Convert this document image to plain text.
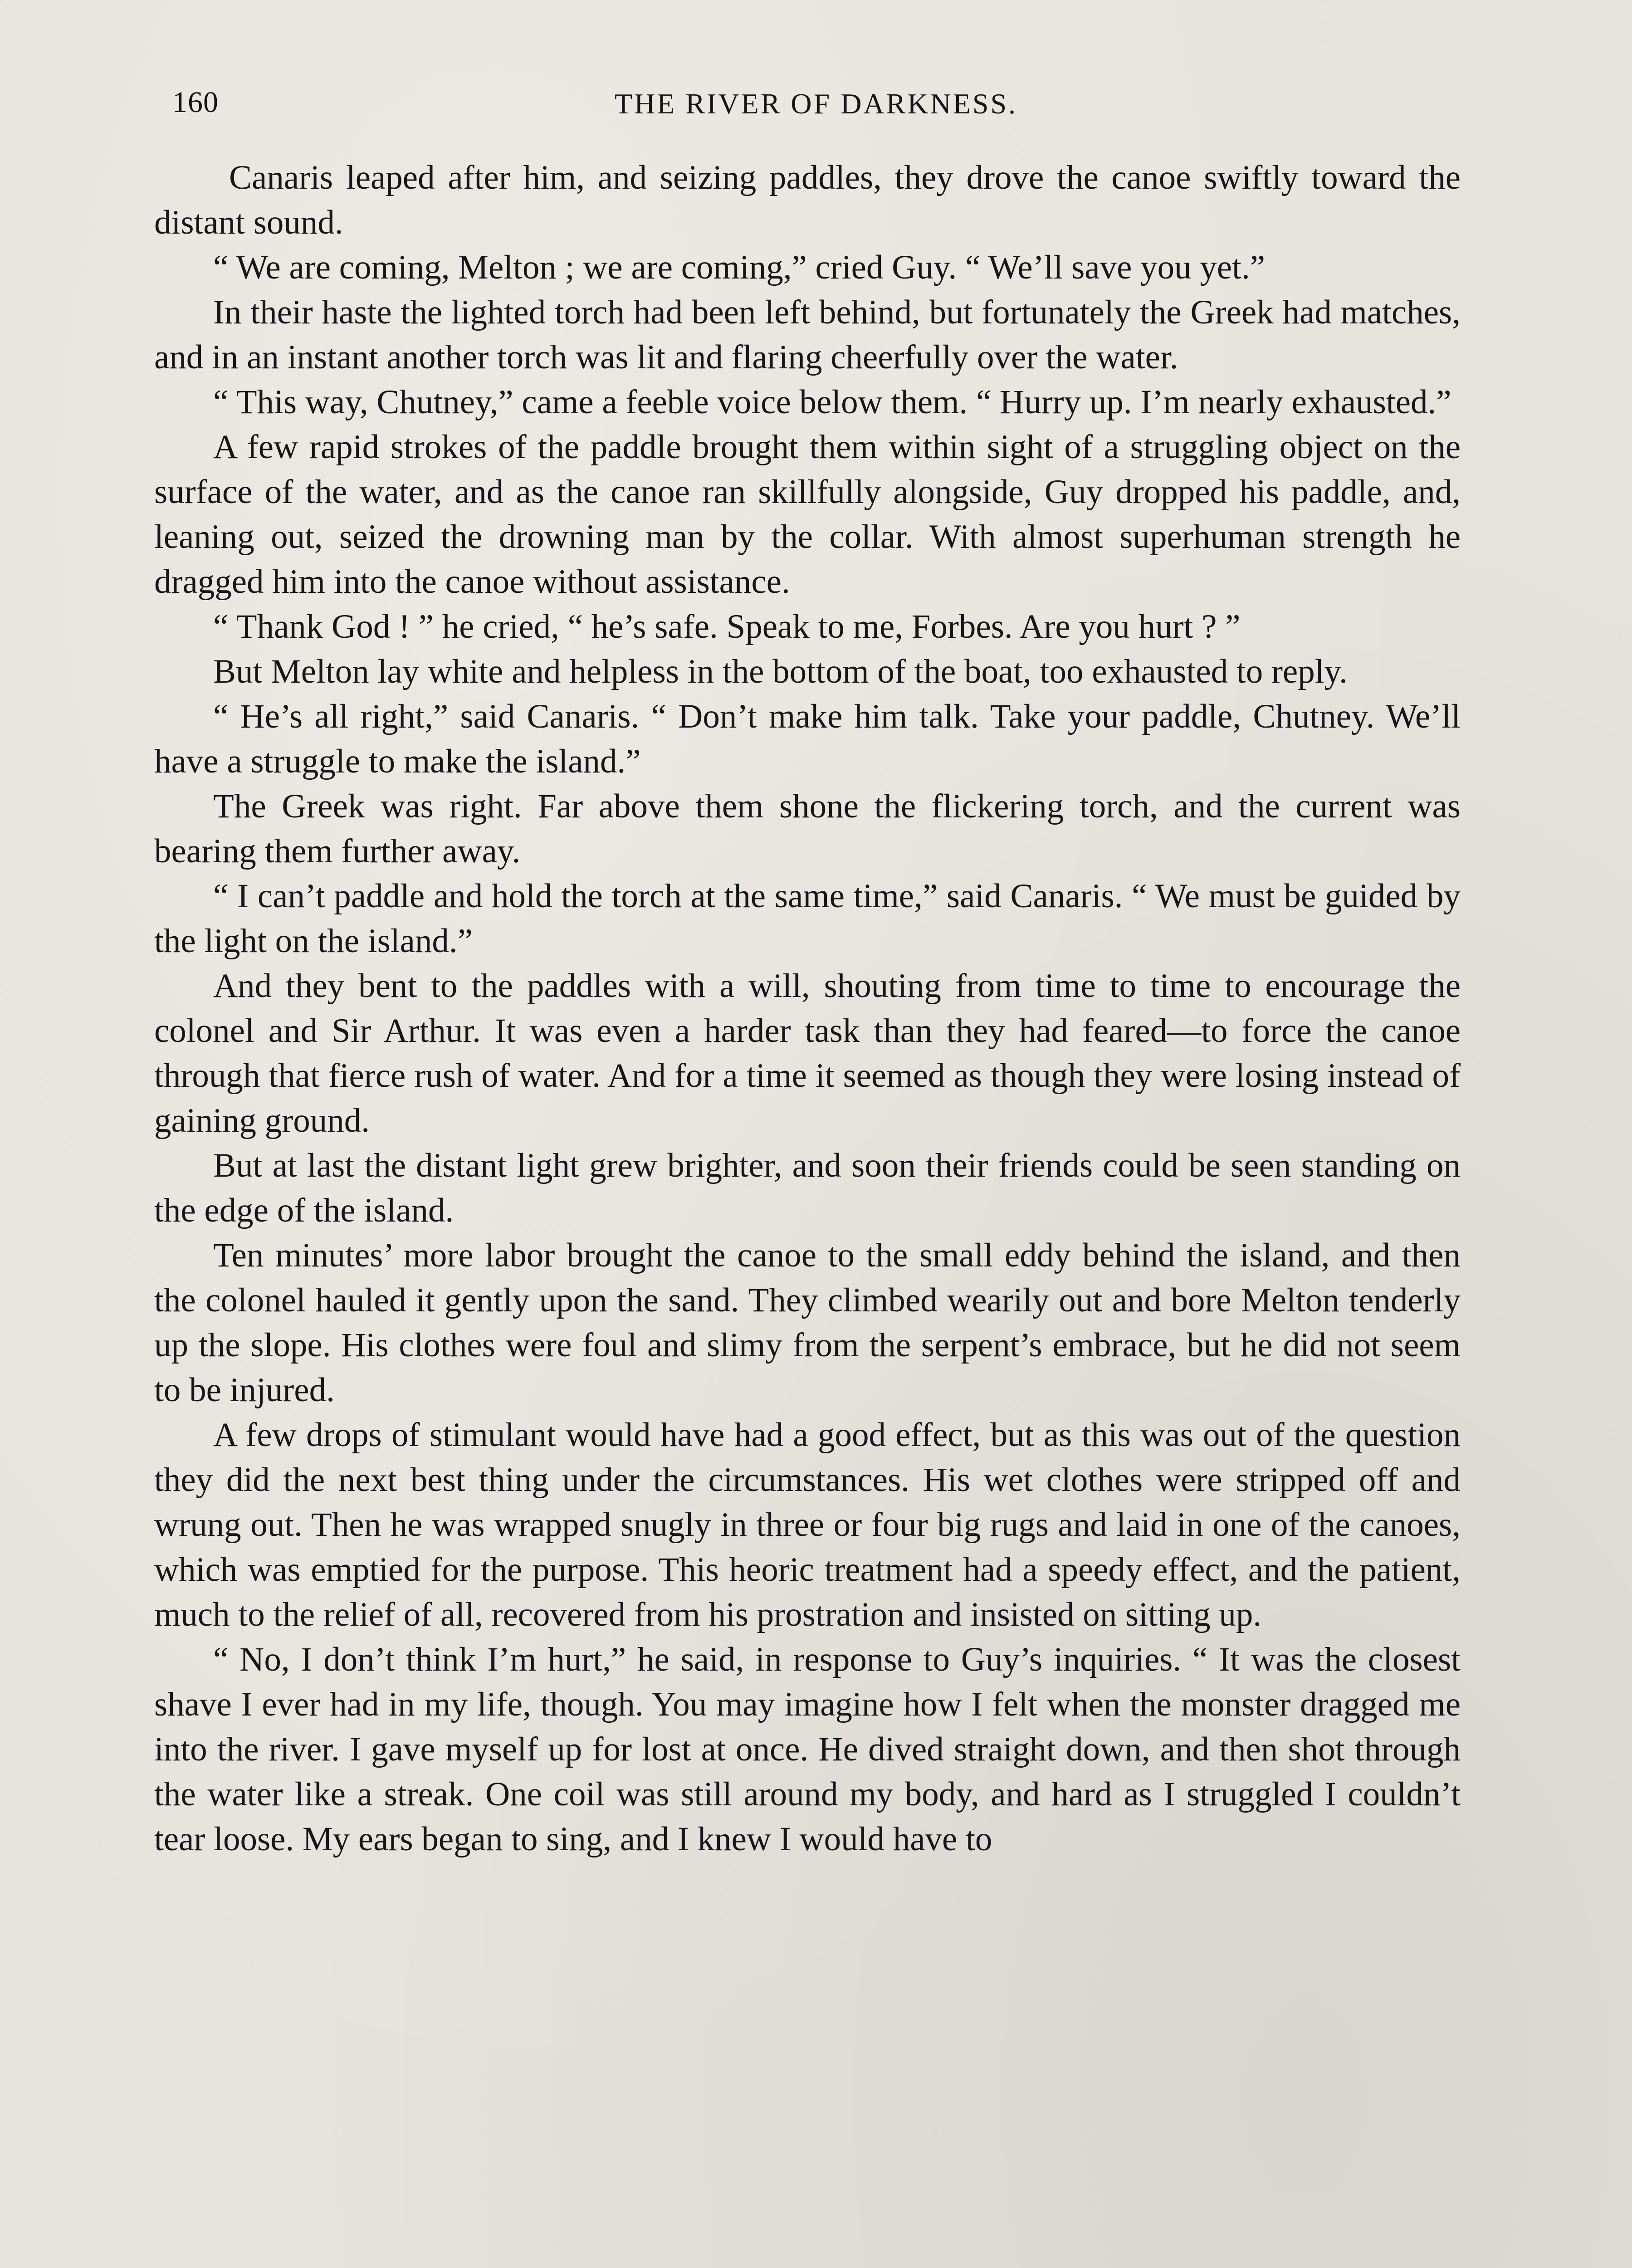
160	THE RIVER OF DARKNESS.

Canaris leaped after him, and seizing paddles, they drove the canoe swiftly toward the distant sound.

“ We are coming, Melton ; we are coming,” cried Guy. “ We’ll save you yet.”

In their haste the lighted torch had been left behind, but fortunately the Greek had matches, and in an instant another torch was lit and flaring cheerfully over the water.

“ This way, Chutney,” came a feeble voice below them. “ Hurry up. I’m nearly exhausted.”

A few rapid strokes of the paddle brought them within sight of a struggling object on the surface of the water, and as the canoe ran skillfully alongside, Guy dropped his paddle, and, leaning out, seized the drowning man by the collar. With almost superhuman strength he dragged him into the canoe without assistance.

“ Thank God ! ” he cried, “ he’s safe. Speak to me, Forbes. Are you hurt ? ”

But Melton lay white and helpless in the bottom of the boat, too exhausted to reply.

“ He’s all right,” said Canaris. “ Don’t make him talk. Take your paddle, Chutney. We’ll have a struggle to make the island.”

The Greek was right. Far above them shone the flickering torch, and the current was bearing them further away.

“ I can’t paddle and hold the torch at the same time,” said Canaris. “ We must be guided by the light on the island.”

And they bent to the paddles with a will, shouting from time to time to encourage the colonel and Sir Arthur. It was even a harder task than they had feared—to force the canoe through that fierce rush of water. And for a time it seemed as though they were losing instead of gaining ground.

But at last the distant light grew brighter, and soon their friends could be seen standing on the edge of the island.

Ten minutes’ more labor brought the canoe to the small eddy behind the island, and then the colonel hauled it gently upon the sand. They climbed wearily out and bore Melton tenderly up the slope. His clothes were foul and slimy from the serpent’s embrace, but he did not seem to be injured.

A few drops of stimulant would have had a good effect, but as this was out of the question they did the next best thing under the circumstances. His wet clothes were stripped off and wrung out. Then he was wrapped snugly in three or four big rugs and laid in one of the canoes, which was emptied for the purpose. This heoric treatment had a speedy effect, and the patient, much to the relief of all, recovered from his prostration and insisted on sitting up.

“ No, I don’t think I’m hurt,” he said, in response to Guy’s inquiries. “ It was the closest shave I ever had in my life, though. You may imagine how I felt when the monster dragged me into the river. I gave myself up for lost at once. He dived straight down, and then shot through the water like a streak. One coil was still around my body, and hard as I struggled I couldn’t tear loose. My ears began to sing, and I knew I would have to
